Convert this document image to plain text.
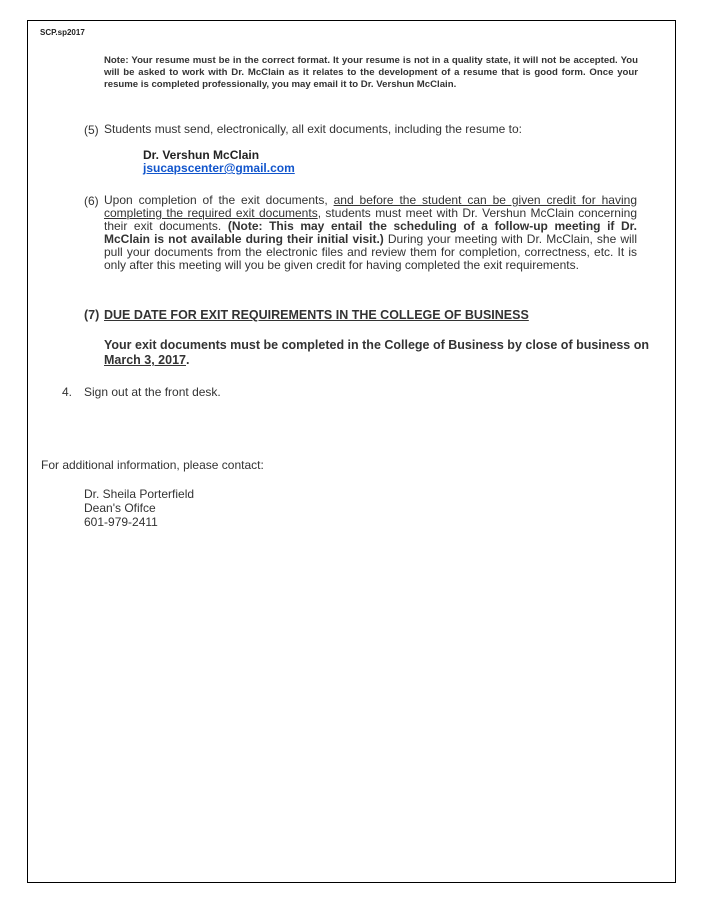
SCP.sp2017
Note: Your resume must be in the correct format. It your resume is not in a quality state, it will not be accepted. You will be asked to work with Dr. McClain as it relates to the development of a resume that is good form. Once your resume is completed professionally, you may email it to Dr. Vershun McClain.
(5) Students must send, electronically, all exit documents, including the resume to:
Dr. Vershun McClain
jsucapscenter@gmail.com
(6) Upon completion of the exit documents, and before the student can be given credit for having completing the required exit documents, students must meet with Dr. Vershun McClain concerning their exit documents. (Note: This may entail the scheduling of a follow-up meeting if Dr. McClain is not available during their initial visit.) During your meeting with Dr. McClain, she will pull your documents from the electronic files and review them for completion, correctness, etc. It is only after this meeting will you be given credit for having completed the exit requirements.
(7) DUE DATE FOR EXIT REQUIREMENTS IN THE COLLEGE OF BUSINESS
Your exit documents must be completed in the College of Business by close of business on March 3, 2017.
4. Sign out at the front desk.
For additional information, please contact:
Dr. Sheila Porterfield
Dean's Ofifce
601-979-2411
